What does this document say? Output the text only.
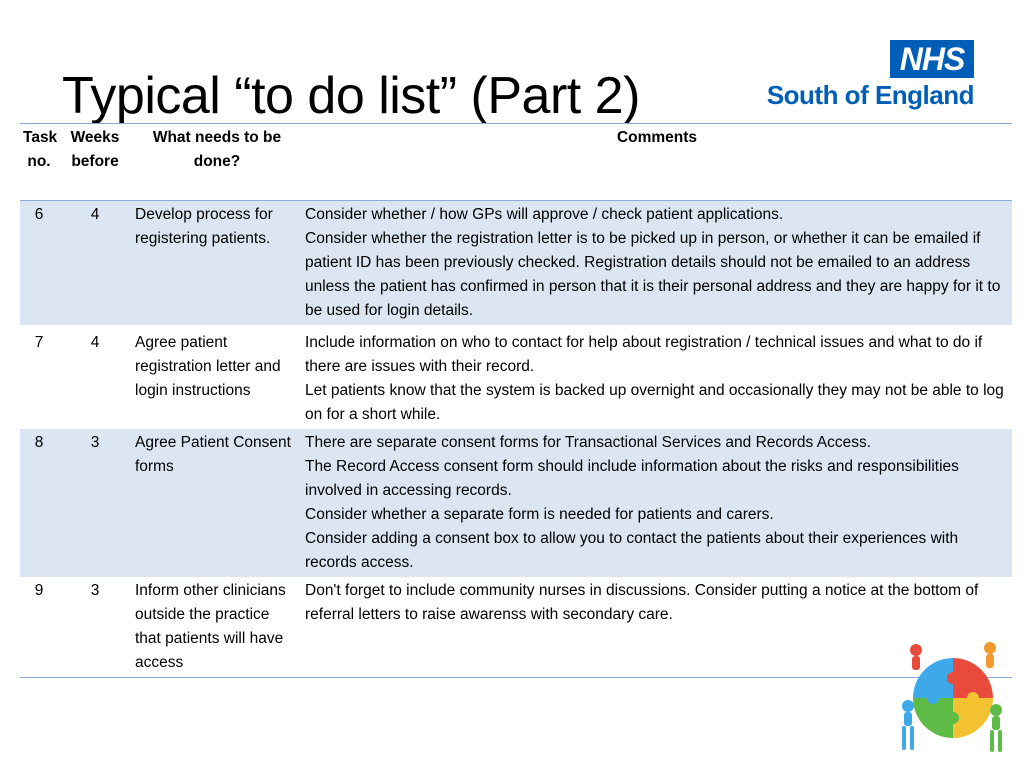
Typical “to do list” (Part 2)
NHS
South of England
Task no.	Weeks before	What needs to be done?	Comments
6	4	Develop process for registering patients.	Consider whether / how GPs will approve / check patient applications.
Consider whether the registration letter is to be picked up in person, or whether it can be emailed if patient ID has been previously checked. Registration details should not be emailed to an address unless the patient has confirmed in person that it is their personal address and they are happy for it to be used for login details.

7	4	Agree patient registration letter and login instructions	Include information on who to contact for help about registration / technical issues and what to do if there are issues with their record.
Let patients know that the system is backed up overnight and occasionally they may not be able to log on for a short while.

8	3	Agree Patient Consent forms	There are separate consent forms for Transactional Services and Records Access.
The Record Access consent form should include information about the risks and responsibilities involved in accessing records.
Consider whether a separate form is needed for patients and carers.
Consider adding a consent box to allow you to contact the patients about their experiences with records access.

9	3	Inform other clinicians outside the practice that patients will have access	Don't forget to include community nurses in discussions. Consider putting a notice at the bottom of referral letters to raise awarenss with secondary care.
